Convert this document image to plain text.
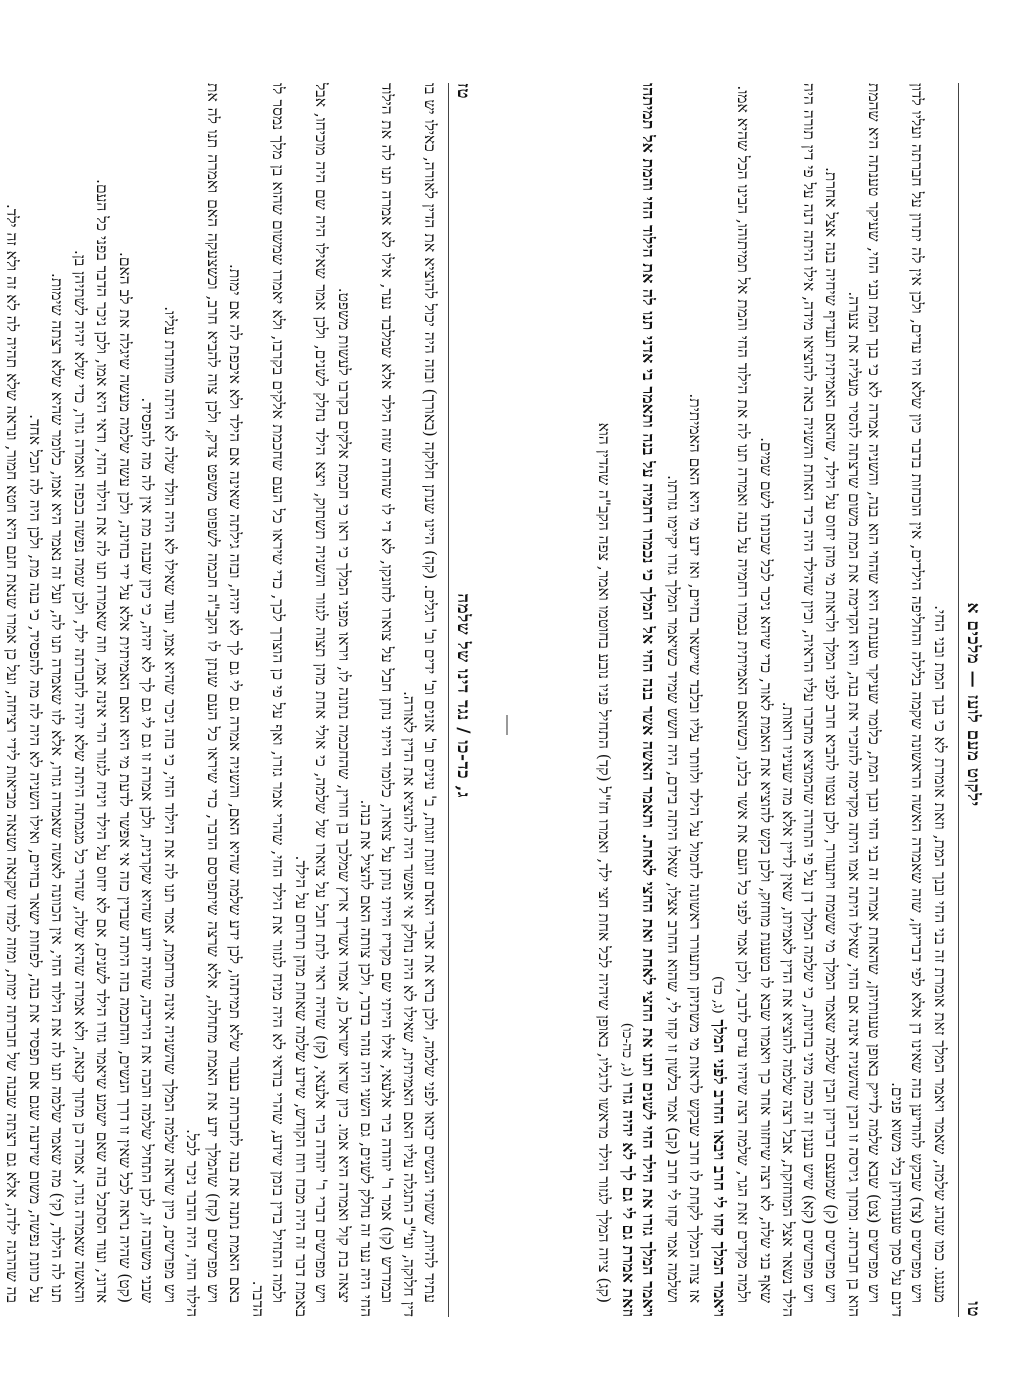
טו
ילקוט מעם לועז — מלכים א

מעגנו. כמו שנהג שלמה, שאמר ויאמר המלך זאת אומרת זה בני החי ובנך המת, וזאת אומרת לא כי בנך המת ובני החי.

ויש מפרשים (צד) שבקש להודיען בזה שאינו דן אלא לפי דבריהן, שזה שאמרה האשה הראשונה שקמה בלילה והחליפה הילדים, אין הוכחות בדבר כיון שלא היו עדים, ולכן אין לה יתרון על חברתה ועליו לדון דינם על סמך טענותיהן בלי משוא פנים.

ויש מפרשים (צט) שבא שלמה לדייק באופן טענותיהן, שהאחת אמרה זה בני החי ובנך המת, כלומר שעיקר טענתה היא שהחי הוא בנה, והשניה אמרה לא כי בנך המת ובני החי, שעיקר טענתה היא שהמת הוא בן חברתה. ומתוך גירסה זו הבין שהשניה אינה אם החי, שאילו היתה אמו היתה מקדימה להזכיר את בנה, והיא הקדימה את המת משום שרצתה להסיר מעליה את צערה.

ויש מפרשים (ק) שמעצם דבריהן הבין שלמה שאמר המלך מי ששמח ויתעורר, ולכן נצטוו להביא חרב לפני המלך ולראות מי מהן יחוס על הילד, שהאם האמיתית תעדיף שיחיה בנה אצל אחרת.

ויש מפרשים (קא) שיש בענין זה כמה מיני בחינות, כי שלמה המלך דן על פי התורה שהמוציא מחברו עליו הראיה, וכיון שהילד היה ביד האחת והשניה באה להוציאו מידה, אילו היתה דנה על פי דין תורה היה הילד נשאר אצל המוחזקת, אבל רצה שלמה להוציא את הדין לאמיתו, שאין לדיין אלא מה שעיניו רואות.

שאף בני שלה, לא רצה שיחזור אחר כך ויאמרו שבא לו בטענת מוחזק, ולכן בקש להוציא את האמת לאור, כדי שיהא ניכר לכל שכונתו לשם שמים.

ולמה מקדים זאת הגר, שלמה רצה שיהיו עדים לדבר, ולכן אמר לפני כל העם את אשר בלבו, וכשהאם האמיתית נכמרו רחמיה על בנה ואמרה תנו לה את הילוד החי והמת אל תמיתוהו, הבינו הכל שהיא אמו.

ויאמר המלך קחו לי חרב ויבאו החרב לפני המלך (ג, כד)

אז צוה המלך לקחת לו חרב שבקש לראות מי משתיהן תתעורר ראשונה לחמול על הילד ולוותר עליו ובלבד שיישאר בחיים, ואז ידע מי היא האם האמיתית.

ושלמה אמר קחו לי חרב (קב) אמר בלשון זו קחו לי, שהוא החרב אצלו, שאלו היתה בידם, היה חשש שמיד כשיאמר המלך גזרו יקיימו גזרתו.

ויאמר המלך גזרו את הילד החי לשנים ותנו את החצי לאחת ואת החצי לאחת. ותאמר האשה אשר בנה החי אל המלך כי נכמרו רחמיה על בנה ותאמר בי אדני תנו לה את הילוד החי והמת אל תמיתהו וזאת אמרת גם לי גם לך לא יהיה גזרו (ג, כה-כו)

(קג) ציוה המלך לגזור הילד מראשו לרגליו, באופן שיהיה לכל אחת חצי ילד, ואמרו חז"ל (קד) התחיל פניו נובע בחוטמו ואמר, צפה הקב"ה שהדין הוא

ג, כד-כו / נגד דינו של שלמה
טז

עתיד להיות, ששתי הנשים יבואו לפני שלמה, ולכן ברא את אברי האדם זוגות זוגות, ב' עינים וב' אזנים וב' ידים וב' רגלים. (קה) היינו שנתן חלוקה (באורך) ובזה היה יכול להוציא את הדין לאורה, כאילו יש בו דין חלוקה, ועי"כ התגלה עליו האם האמיתית, שאילו לא היה נחלק אי אפשר היה להוציא את הדין לאורה.

ובמדרש (קו) אמר ר' יהודה ביר אלעאי, אילו הייתי שם מקריז הייתי נותן על צוארו, כלומר הייתי נותן חבל על צוארו לחונקו, לא די לו שהודה שזה הילד אלא שמלבד נער, אילו לא אמרה תנו לה את הילוד החי היה נער זה נחלק לשנים, גם השני היה נזהר בדבר, ולכן צותה האם להציל את בנה.

יצאה בת קול ואמרה היא אמו. כיון שראו ישראל כן, אמרו אשריך ארץ שמלכך בן חורין, שהחכמה נתונה לו, ויראו מפני המלך כי ראו כי חכמת אלקים בקרבו לעשות משפט.

ויש מפרשים דברי ר' יהודה ביר אלעאי, (קז) שהיה ראוי לתת חבל על צוארו של שלמה, כי אולי אחת מהן תצוה לגזור והשניה תשתוק, ויצא הילד נחלק לשנים, ולכן אמר שאילו היה שם היה מוכיחו, אבל באמת דבר זה היה מכח רוח הקודש, שידע שלמה שאחת מהן תרחם על הילד.

ולמה התחיל בדין בזמן שידע, שהרי בודאי לא היה מניח לגזור את הילד החי, שהרי אמר גזרו, ואף על פי כן הוצרך לכך, כדי שיראו כל העם שחכמת אלקים בקרבו, ולא יאמרו שמשום שהוא בן מלך נמסר לו הדבר.

באם האמת נתנה את בנה לחברתה בעבור שלא תמיתהו, לכן ידע שלמה שהיא האם, והשניה אמרה גם לי גם לך לא יהיה, ובזה גילתה שאינה אם הילד ולא איכפת לה אם ימות.

ויש מפרשים (קח) שהמלך ידע את האמת מתחלה, אלא שרצה שיתפרסם הדבר, כדי שיראו כל העם שנתן לו הקב"ה חכמה לשפוט משפט צדק, ולכן צוה להביא חרב, וכשצעקה האם ואמרה תנו לה את הילוד החי, היה הדבר ניכר לכל.

ויש מפרשים, כיון שראה שלמה המלך שהשניה אינה מרחמת, אמר תנו לה את הילוד החי, כי בזה ניכר שהיא אמו, ועוד שאילו לא היה הולד שלה לא היתה מוותרת עליו.

שבני משובה זו, לכן התחיל שלמה והכה את היריבה, שהיה ידוע שהיא שקרנית, ולכן אמרה זו גם לי גם לך לא יהיה, כי כיון שבנה מת אין לה מה להפסיד.

(קט) שהיה נראה לכל שאין זו דרך הנשים, והחכמה בזה היתה שבדין כזה אי אפשר לדעת מי היא האם האמיתית אלא על ידי בחינה, ולכן עשה שלמה מעשה שיגלה את לב האם.

אדוני, ועוד הסתכל בזה שאם ישמע שיאמר גזרו הילד לשנים, אם לא יחוס על הילד ויניח לגזור הרי אינה אמו, וזה שאמרה תנו לה את הילוד החי, ודאי היא אמו, ולכן ניכר הדבר בפני כל העם.

והאשה שאמרה גזרו, אמרה כן מתוך קנאה, ולא אמרה שהיא שלה, שהרי כל מגמתה היתה שלא יהיה לחברתה ילד, ולכן שמה נפשה בכפה ואמרה גזרו, כדי שלא יהיה לשתיהן בן.

תנו לה הילוד, (קי) מה שאמר שלמה תנו לה את הילוד החי, אין הכוונה לאשה שאמרה גזרו, אלא לזו שאמרה תנו לה, ועל זה נאמר היא אמו, כלומר שהיא שלא רצתה שימות.

על כוונת נפשה, משום שידעה שגם אם תפסיד את בנה, לפחות ישאר בחיים, ואילו השניה לא היה לה מה להפסיד, כי בנה מת, ולכן היה לה הכל אחד.

בה שהרגה ילדה, אלא גם רצתה שבנה של חברתה ימות, ומזה למדו שקנאה ושנאה מביאות לידי רציחה, ועל כן אמרו שנאת חנם היא חטא חמור, ונראה שלא תהיה לה לא זה ולא זה ילד.
